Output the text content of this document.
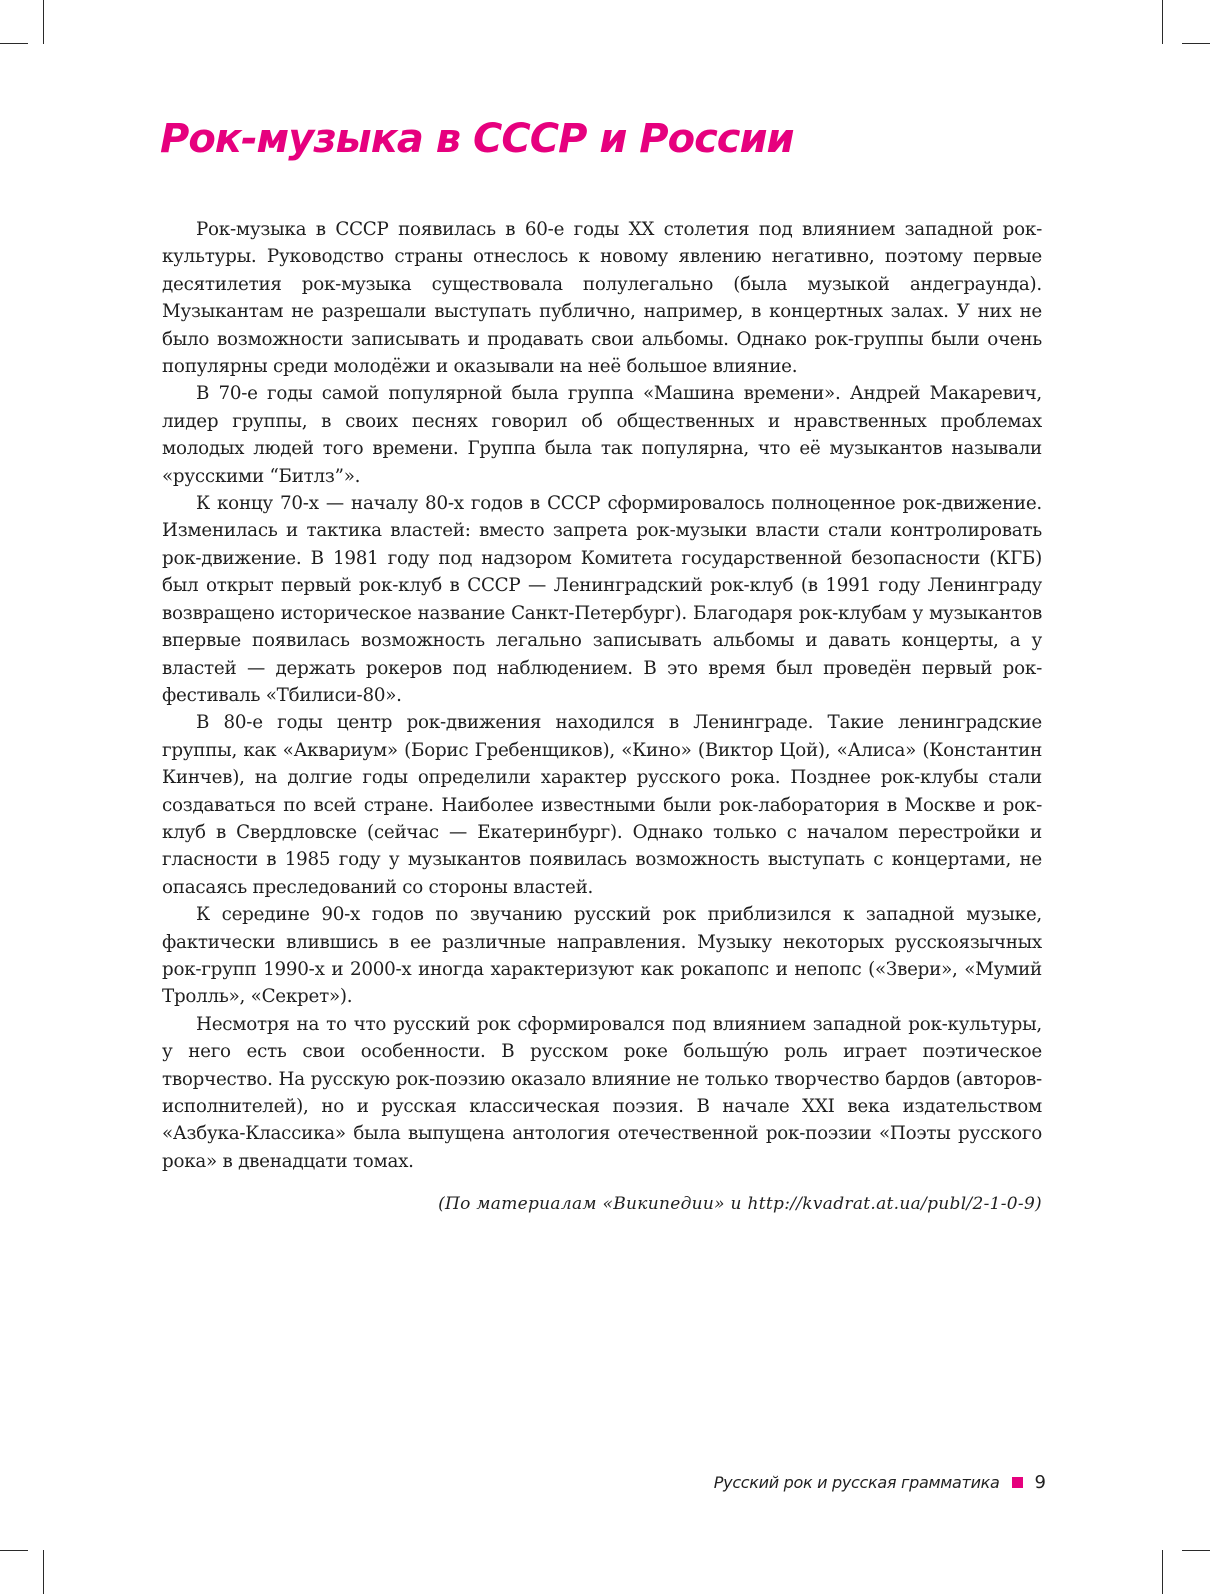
Рок-музыка в СССР и России

Рок-музыка в СССР появилась в 60-е годы XX столетия под влиянием западной рок-культуры. Руководство страны отнеслось к новому явлению негативно, поэтому первые десятилетия рок-музыка существовала полулегально (была музыкой андеграунда). Музыкантам не разрешали выступать публично, например, в концертных залах. У них не было возможности записывать и продавать свои альбомы. Однако рок-группы были очень популярны среди молодёжи и оказывали на неё большое влияние.

В 70-е годы самой популярной была группа «Машина времени». Андрей Макаревич, лидер группы, в своих песнях говорил об общественных и нравственных проблемах молодых людей того времени. Группа была так популярна, что её музыкантов называли «русскими “Битлз”».

К концу 70-х — началу 80-х годов в СССР сформировалось полноценное рок-движение. Изменилась и тактика властей: вместо запрета рок-музыки власти стали контролировать рок-движение. В 1981 году под надзором Комитета государственной безопасности (КГБ) был открыт первый рок-клуб в СССР — Ленинградский рок-клуб (в 1991 году Ленинграду возвращено историческое название Санкт-Петербург). Благодаря рок-клубам у музыкантов впервые появилась возможность легально записывать альбомы и давать концерты, а у властей — держать рокеров под наблюдением. В это время был проведён первый рок-фестиваль «Тбилиси-80».

В 80-е годы центр рок-движения находился в Ленинграде. Такие ленинградские группы, как «Аквариум» (Борис Гребенщиков), «Кино» (Виктор Цой), «Алиса» (Константин Кинчев), на долгие годы определили характер русского рока. Позднее рок-клубы стали создаваться по всей стране. Наиболее известными были рок-лаборатория в Москве и рок-клуб в Свердловске (сейчас — Екатеринбург). Однако только с началом перестройки и гласности в 1985 году у музыкантов появилась возможность выступать с концертами, не опасаясь преследований со стороны властей.

К середине 90-х годов по звучанию русский рок приблизился к западной музыке, фактически влившись в ее различные направления. Музыку некоторых русскоязычных рок-групп 1990-х и 2000-х иногда характеризуют как рокапопс и непопс («Звери», «Мумий Тролль», «Секрет»).

Несмотря на то что русский рок сформировался под влиянием западной рок-культуры, у него есть свои особенности. В русском роке большýю роль играет поэтическое творчество. На русскую рок-поэзию оказало влияние не только творчество бардов (авторов-исполнителей), но и русская классическая поэзия. В начале XXI века издательством «Азбука-Классика» была выпущена антология отечественной рок-поэзии «Поэты русского рока» в двенадцати томах.

(По материалам «Википедии» и http://kvadrat.at.ua/publ/2-1-0-9)

Русский рок и русская грамматика 9
